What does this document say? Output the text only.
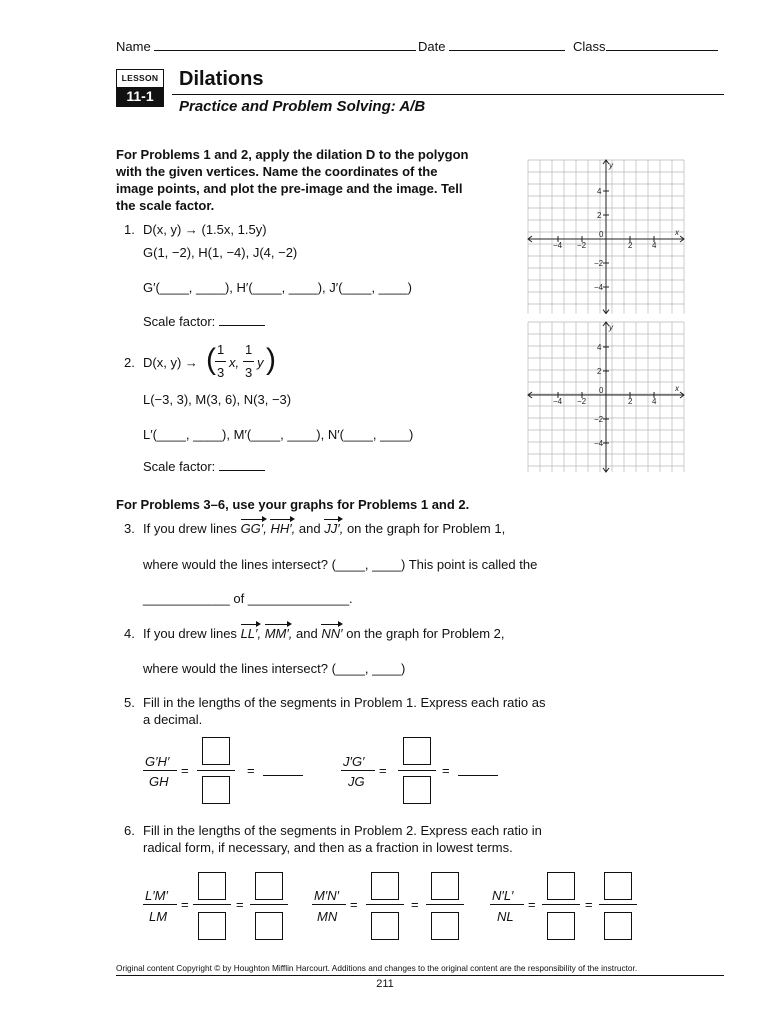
Name	Date	Class
LESSON
11-1
Dilations
Practice and Problem Solving: A/B
For Problems 1 and 2, apply the dilation D to the polygon
with the given vertices. Name the coordinates of the
image points, and plot the pre-image and the image. Tell
the scale factor.
1. D(x, y) → (1.5x, 1.5y)
G(1, −2), H(1, −4), J(4, −2)
G′(____, ____), H′(____, ____), J′(____, ____)
Scale factor:
2. D(x, y) → ( 1
3
x,
1
3
y )
L(−3, 3), M(3, 6), N(3, −3)
L′(____, ____), M′(____, ____), N′(____, ____)
Scale factor:
−4 −2
0
2 4
4
2
−2
−4
x
y
−4 −2
0
2 4
4
2
−2
−4
x
y
For Problems 3–6, use your graphs for Problems 1 and 2.
3. If you drew lines GG′, HH′, and JJ′, on the graph for Problem 1,
where would the lines intersect? (____, ____) This point is called the
____________ of ______________.
4. If you drew lines LL′, MM′, and NN′ on the graph for Problem 2,
where would the lines intersect? (____, ____)
5. Fill in the lengths of the segments in Problem 1. Express each ratio as
a decimal.
G′H′
GH
=	=
J′G′
JG
=	=
6. Fill in the lengths of the segments in Problem 2. Express each ratio in
radical form, if necessary, and then as a fraction in lowest terms.
L′M′
LM
=	=
M′N′
MN
=	=
N′L′
NL
=	=
Original content Copyright © by Houghton Mifflin Harcourt. Additions and changes to the original content are the responsibility of the instructor.
211
